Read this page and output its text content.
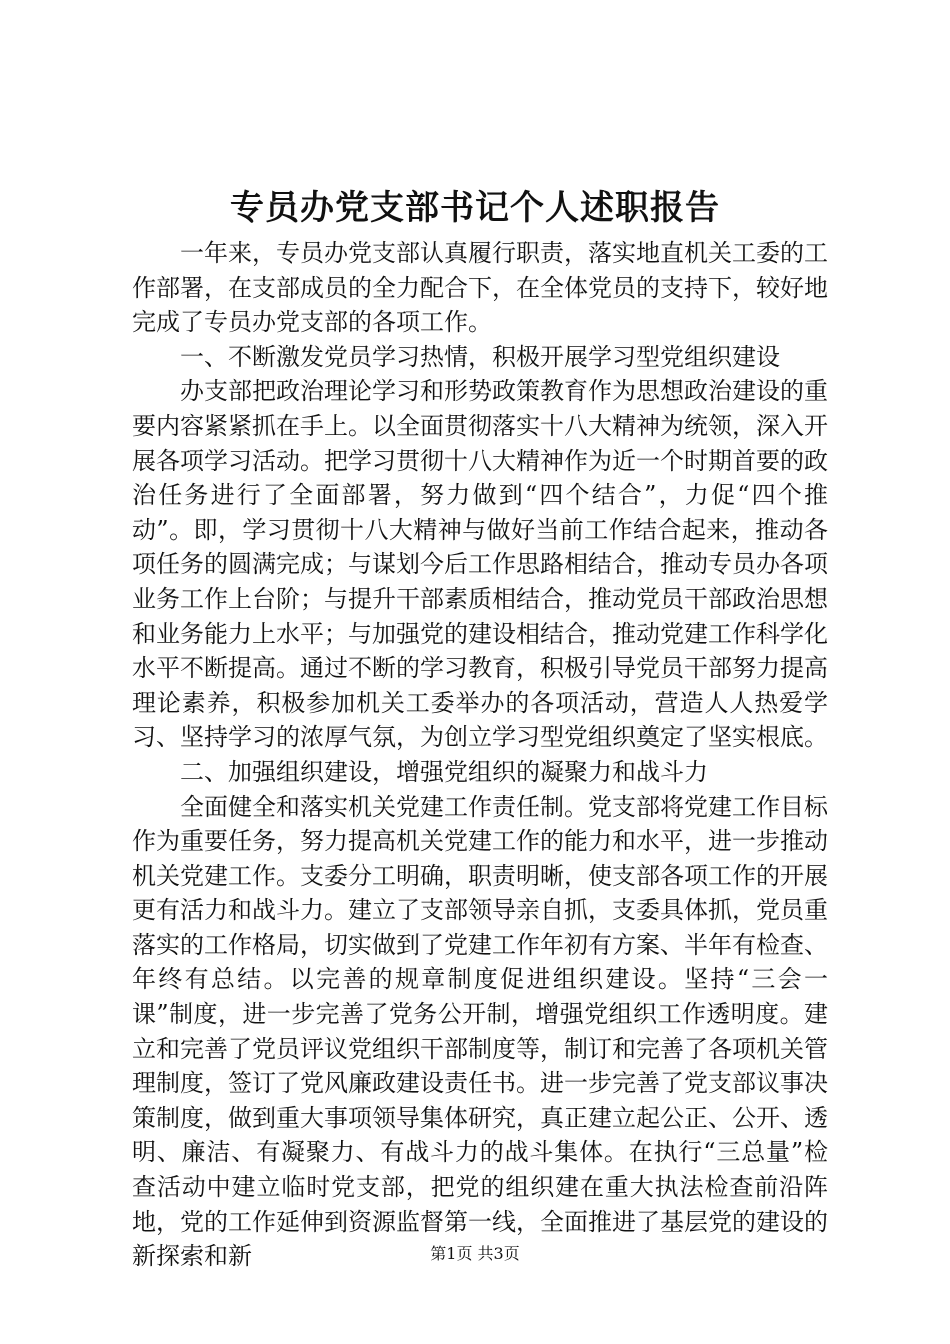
专员办党支部书记个人述职报告

一年来，专员办党支部认真履行职责，落实地直机关工委的工作部署，在支部成员的全力配合下，在全体党员的支持下，较好地完成了专员办党支部的各项工作。

一、不断激发党员学习热情，积极开展学习型党组织建设

办支部把政治理论学习和形势政策教育作为思想政治建设的重要内容紧紧抓在手上。以全面贯彻落实十八大精神为统领，深入开展各项学习活动。把学习贯彻十八大精神作为近一个时期首要的政治任务进行了全面部署，努力做到“四个结合”，力促“四个推动”。即，学习贯彻十八大精神与做好当前工作结合起来，推动各项任务的圆满完成；与谋划今后工作思路相结合，推动专员办各项业务工作上台阶；与提升干部素质相结合，推动党员干部政治思想和业务能力上水平；与加强党的建设相结合，推动党建工作科学化水平不断提高。通过不断的学习教育，积极引导党员干部努力提高理论素养，积极参加机关工委举办的各项活动，营造人人热爱学习、坚持学习的浓厚气氛，为创立学习型党组织奠定了坚实根底。

二、加强组织建设，增强党组织的凝聚力和战斗力

全面健全和落实机关党建工作责任制。党支部将党建工作目标作为重要任务，努力提高机关党建工作的能力和水平，进一步推动机关党建工作。支委分工明确，职责明晰，使支部各项工作的开展更有活力和战斗力。建立了支部领导亲自抓，支委具体抓，党员重落实的工作格局，切实做到了党建工作年初有方案、半年有检查、年终有总结。以完善的规章制度促进组织建设。坚持“三会一课”制度，进一步完善了党务公开制，增强党组织工作透明度。建立和完善了党员评议党组织干部制度等，制订和完善了各项机关管理制度，签订了党风廉政建设责任书。进一步完善了党支部议事决策制度，做到重大事项领导集体研究，真正建立起公正、公开、透明、廉洁、有凝聚力、有战斗力的战斗集体。在执行“三总量”检查活动中建立临时党支部，把党的组织建在重大执法检查前沿阵地，党的工作延伸到资源监督第一线，全面推进了基层党的建设的新探索和新	第1页 共3页
